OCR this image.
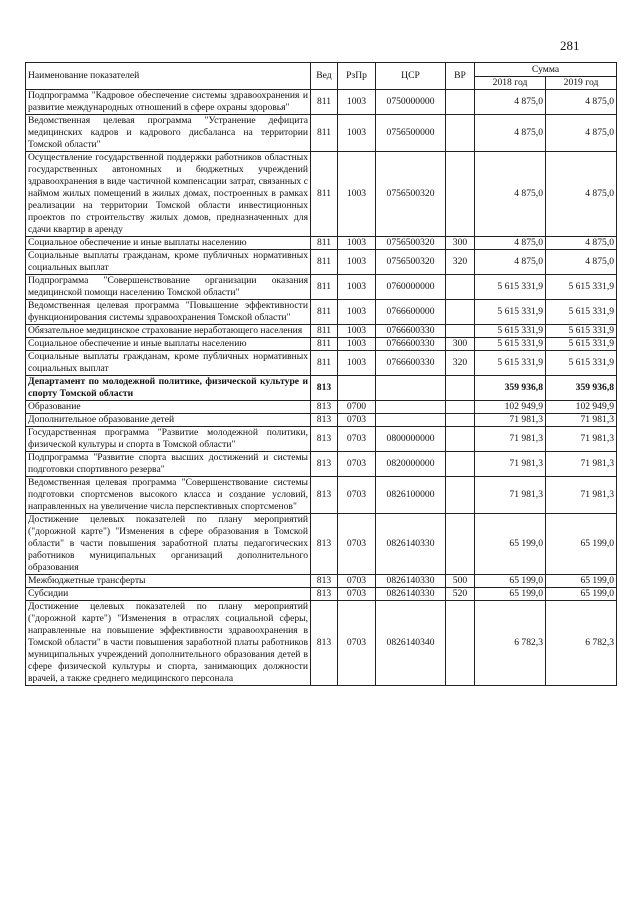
281
Наименование показателей	Вед	РзПр	ЦСР	ВР	Сумма	
					2018 год	2019 год
Подпрограмма "Кадровое обеспечение системы здравоохранения и развитие международных отношений в сфере охраны здоровья"	811	1003	0750000000		4 875,0	4 875,0
Ведомственная целевая программа "Устранение дефицита медицинских кадров и кадрового дисбаланса на территории Томской области"	811	1003	0756500000		4 875,0	4 875,0
Осуществление государственной поддержки работников областных государственных автономных и бюджетных учреждений здравоохранения в виде частичной компенсации затрат, связанных с наймом жилых помещений в жилых домах, построенных в рамках реализации на территории Томской области инвестиционных проектов по строительству жилых домов, предназначенных для сдачи квартир в аренду	811	1003	0756500320		4 875,0	4 875,0
Социальное обеспечение и иные выплаты населению	811	1003	0756500320	300	4 875,0	4 875,0
Социальные выплаты гражданам, кроме публичных нормативных социальных выплат	811	1003	0756500320	320	4 875,0	4 875,0
Подпрограмма "Совершенствование организации оказания медицинской помощи населению Томской области"	811	1003	0760000000		5 615 331,9	5 615 331,9
Ведомственная целевая программа "Повышение эффективности функционирования системы здравоохранения Томской области"	811	1003	0766600000		5 615 331,9	5 615 331,9
Обязательное медицинское страхование неработающего населения	811	1003	0766600330		5 615 331,9	5 615 331,9
Социальное обеспечение и иные выплаты населению	811	1003	0766600330	300	5 615 331,9	5 615 331,9
Социальные выплаты гражданам, кроме публичных нормативных социальных выплат	811	1003	0766600330	320	5 615 331,9	5 615 331,9
Департамент по молодежной политике, физической культуре и спорту Томской области	813				359 936,8	359 936,8
Образование	813	0700			102 949,9	102 949,9
Дополнительное образование детей	813	0703			71 981,3	71 981,3
Государственная программа "Развитие молодежной политики, физической культуры и спорта в Томской области"	813	0703	0800000000		71 981,3	71 981,3
Подпрограмма "Развитие спорта высших достижений и системы подготовки спортивного резерва"	813	0703	0820000000		71 981,3	71 981,3
Ведомственная целевая программа "Совершенствование системы подготовки спортсменов высокого класса и создание условий, направленных на увеличение числа перспективных спортсменов"	813	0703	0826100000		71 981,3	71 981,3
Достижение целевых показателей по плану мероприятий ("дорожной карте") "Изменения в сфере образования в Томской области" в части повышения заработной платы педагогических работников муниципальных организаций дополнительного образования	813	0703	0826140330		65 199,0	65 199,0
Межбюджетные трансферты	813	0703	0826140330	500	65 199,0	65 199,0
Субсидии	813	0703	0826140330	520	65 199,0	65 199,0
Достижение целевых показателей по плану мероприятий ("дорожной карте") "Изменения в отраслях социальной сферы, направленные на повышение эффективности здравоохранения в Томской области" в части повышения заработной платы работников муниципальных учреждений дополнительного образования детей в сфере физической культуры и спорта, занимающих должности врачей, а также среднего медицинского персонала	813	0703	0826140340		6 782,3	6 782,3
